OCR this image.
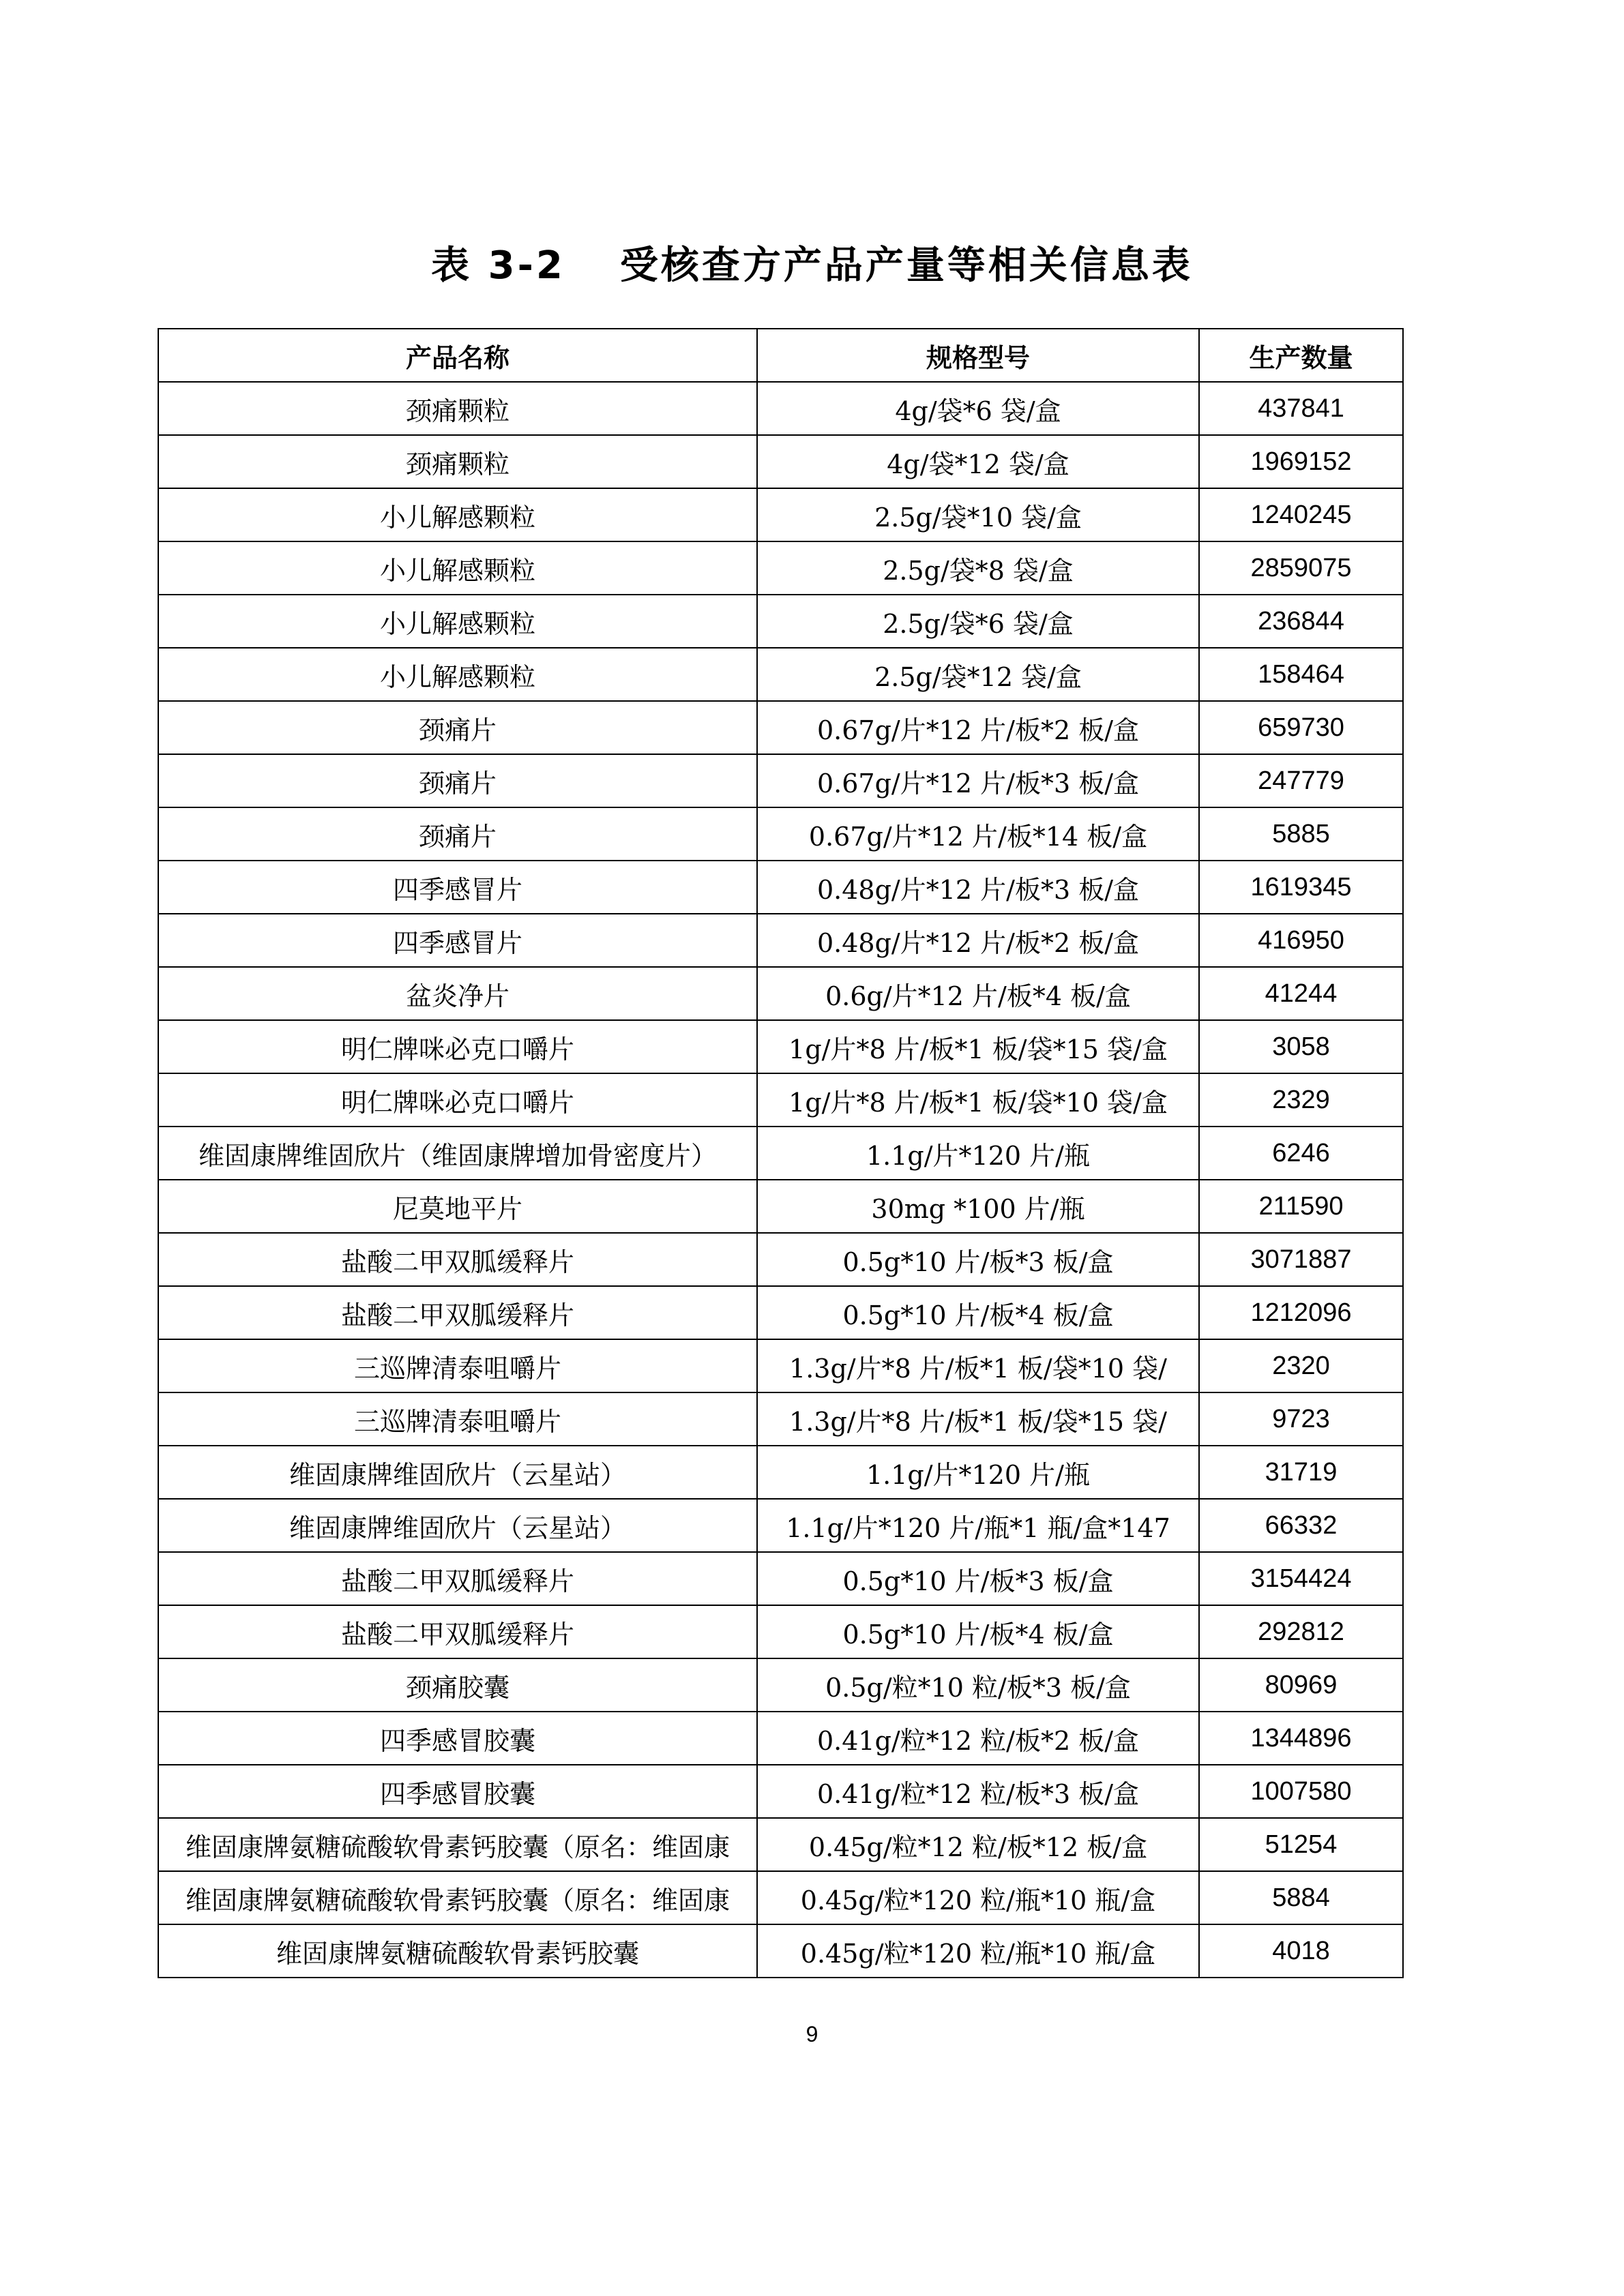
表 3-2 受核查方产品产量等相关信息表
产品名称	规格型号	生产数量
颈痛颗粒	4g/袋*6 袋/盒	437841
颈痛颗粒	4g/袋*12 袋/盒	1969152
小儿解感颗粒	2.5g/袋*10 袋/盒	1240245
小儿解感颗粒	2.5g/袋*8 袋/盒	2859075
小儿解感颗粒	2.5g/袋*6 袋/盒	236844
小儿解感颗粒	2.5g/袋*12 袋/盒	158464
颈痛片	0.67g/片*12 片/板*2 板/盒	659730
颈痛片	0.67g/片*12 片/板*3 板/盒	247779
颈痛片	0.67g/片*12 片/板*14 板/盒	5885
四季感冒片	0.48g/片*12 片/板*3 板/盒	1619345
四季感冒片	0.48g/片*12 片/板*2 板/盒	416950
盆炎净片	0.6g/片*12 片/板*4 板/盒	41244
明仁牌咪必克口嚼片	1g/片*8 片/板*1 板/袋*15 袋/盒	3058
明仁牌咪必克口嚼片	1g/片*8 片/板*1 板/袋*10 袋/盒	2329
维固康牌维固欣片（维固康牌增加骨密度片）	1.1g/片*120 片/瓶	6246
尼莫地平片	30mg *100 片/瓶	211590
盐酸二甲双胍缓释片	0.5g*10 片/板*3 板/盒	3071887
盐酸二甲双胍缓释片	0.5g*10 片/板*4 板/盒	1212096
三巡牌清泰咀嚼片	1.3g/片*8 片/板*1 板/袋*10 袋/	2320
三巡牌清泰咀嚼片	1.3g/片*8 片/板*1 板/袋*15 袋/	9723
维固康牌维固欣片（云星站）	1.1g/片*120 片/瓶	31719
维固康牌维固欣片（云星站）	1.1g/片*120 片/瓶*1 瓶/盒*147	66332
盐酸二甲双胍缓释片	0.5g*10 片/板*3 板/盒	3154424
盐酸二甲双胍缓释片	0.5g*10 片/板*4 板/盒	292812
颈痛胶囊	0.5g/粒*10 粒/板*3 板/盒	80969
四季感冒胶囊	0.41g/粒*12 粒/板*2 板/盒	1344896
四季感冒胶囊	0.41g/粒*12 粒/板*3 板/盒	1007580
维固康牌氨糖硫酸软骨素钙胶囊（原名：维固康	0.45g/粒*12 粒/板*12 板/盒	51254
维固康牌氨糖硫酸软骨素钙胶囊（原名：维固康	0.45g/粒*120 粒/瓶*10 瓶/盒	5884
维固康牌氨糖硫酸软骨素钙胶囊	0.45g/粒*120 粒/瓶*10 瓶/盒	4018
9
